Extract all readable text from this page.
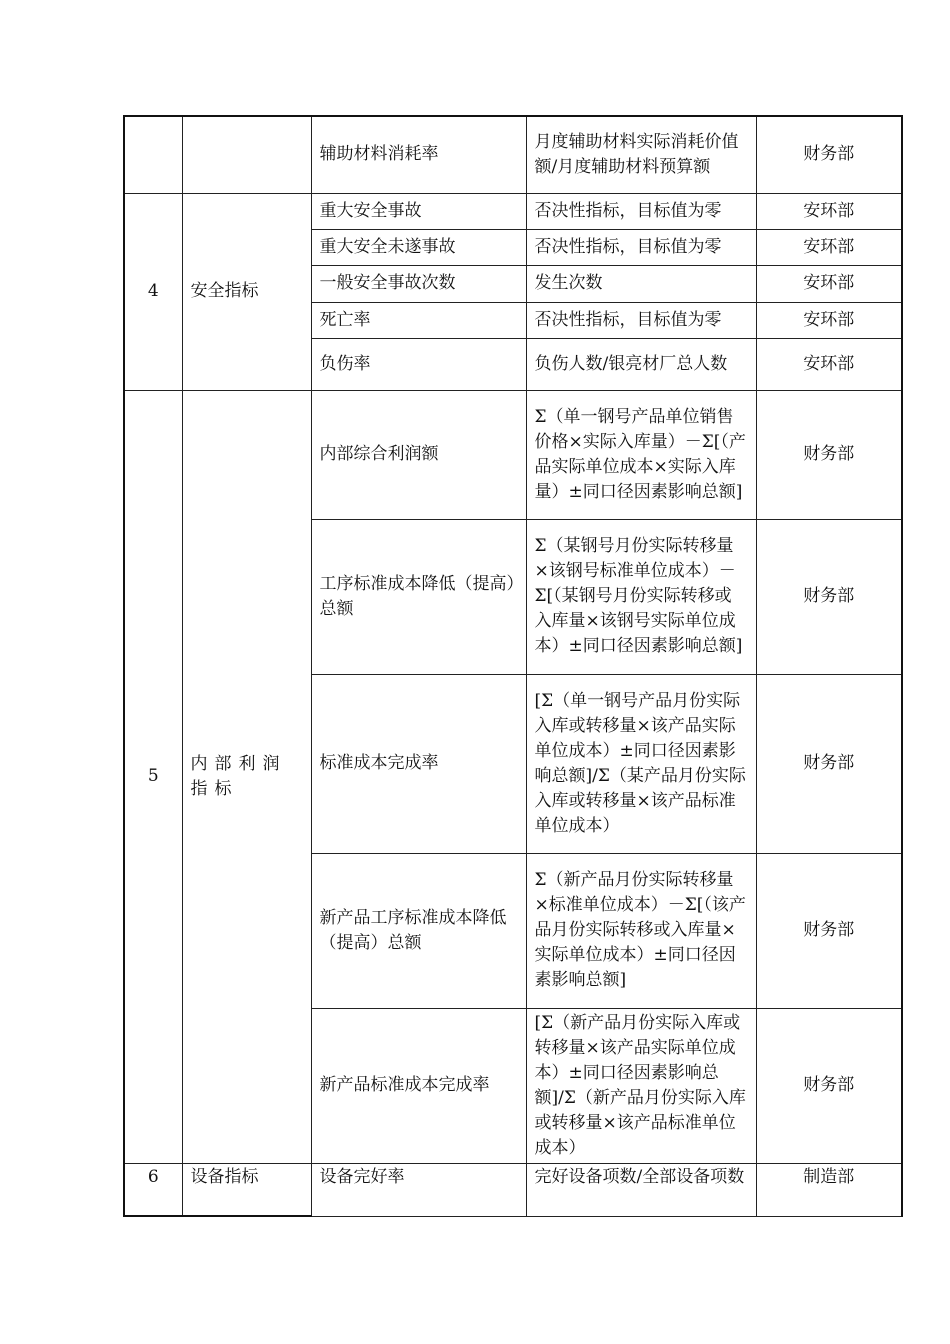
		辅助材料消耗率	月度辅助材料实际消耗价值额/月度辅助材料预算额	财务部
4	安全指标	重大安全事故	否决性指标，目标值为零	安环部
		重大安全未遂事故	否决性指标，目标值为零	安环部
		一般安全事故次数	发生次数	安环部
		死亡率	否决性指标，目标值为零	安环部
		负伤率	负伤人数/银亮材厂总人数	安环部
5	内部利润指标	内部综合利润额	Σ（单一钢号产品单位销售价格×实际入库量）－Σ[（产品实际单位成本×实际入库量）±同口径因素影响总额]	财务部
		工序标准成本降低（提高）总额	Σ（某钢号月份实际转移量×该钢号标准单位成本）－Σ[（某钢号月份实际转移或入库量×该钢号实际单位成本）±同口径因素影响总额]	财务部
		标准成本完成率	[Σ（单一钢号产品月份实际入库或转移量×该产品实际单位成本）±同口径因素影响总额]/Σ（某产品月份实际入库或转移量×该产品标准单位成本）	财务部
		新产品工序标准成本降低（提高）总额	Σ（新产品月份实际转移量×标准单位成本）－Σ[（该产品月份实际转移或入库量×实际单位成本）±同口径因素影响总额]	财务部
		新产品标准成本完成率	[Σ（新产品月份实际入库或转移量×该产品实际单位成本）±同口径因素影响总额]/Σ（新产品月份实际入库或转移量×该产品标准单位成本）	财务部
6	设备指标	设备完好率	完好设备项数/全部设备项数	制造部
